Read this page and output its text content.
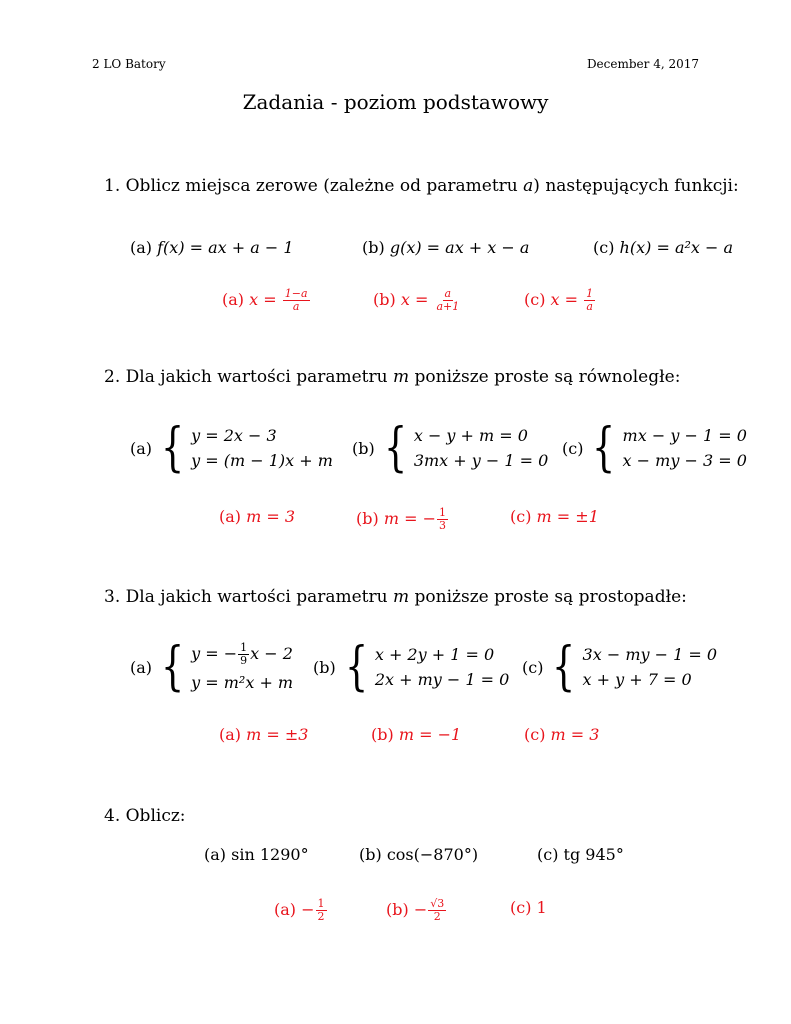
2 LO Batory	December 4, 2017
Zadania - poziom podstawowy
1. Oblicz miejsca zerowe (zależne od parametru a) następujących funkcji:
(a) f(x) = ax + a − 1	(b) g(x) = ax + x − a	(c) h(x) = a²x − a
(a) $x = \frac{1-a}{a}$	(b) $x = \frac{a}{a+1}$	(c) $x = \frac{1}{a}$
2. Dla jakich wartości parametru m poniższe proste są równoległe:
(a) { y = 2x − 3
y = (m − 1)x + m
(b) { x − y + m = 0
3mx + y − 1 = 0
(c) { mx − y − 1 = 0
x − my − 3 = 0
(a) m = 3	(b) m = − $\frac{1}{3}$	(c) m = ±1
3. Dla jakich wartości parametru m poniższe proste są prostopadłe:
(a) { y = − $\frac{1}{9}$ x − 2
y = m²x + m
(b) { x + 2y + 1 = 0
2x + my − 1 = 0
(c) { 3x − my − 1 = 0
x + y + 7 = 0
(a) m = ±3	(b) m = −1	(c) m = 3
4. Oblicz:
(a) sin 1290°	(b) cos(−870°)	(c) tg 945°
$(a) - \frac{1}{2}$	$(b) - \frac{√3}{2}$	(c) 1
